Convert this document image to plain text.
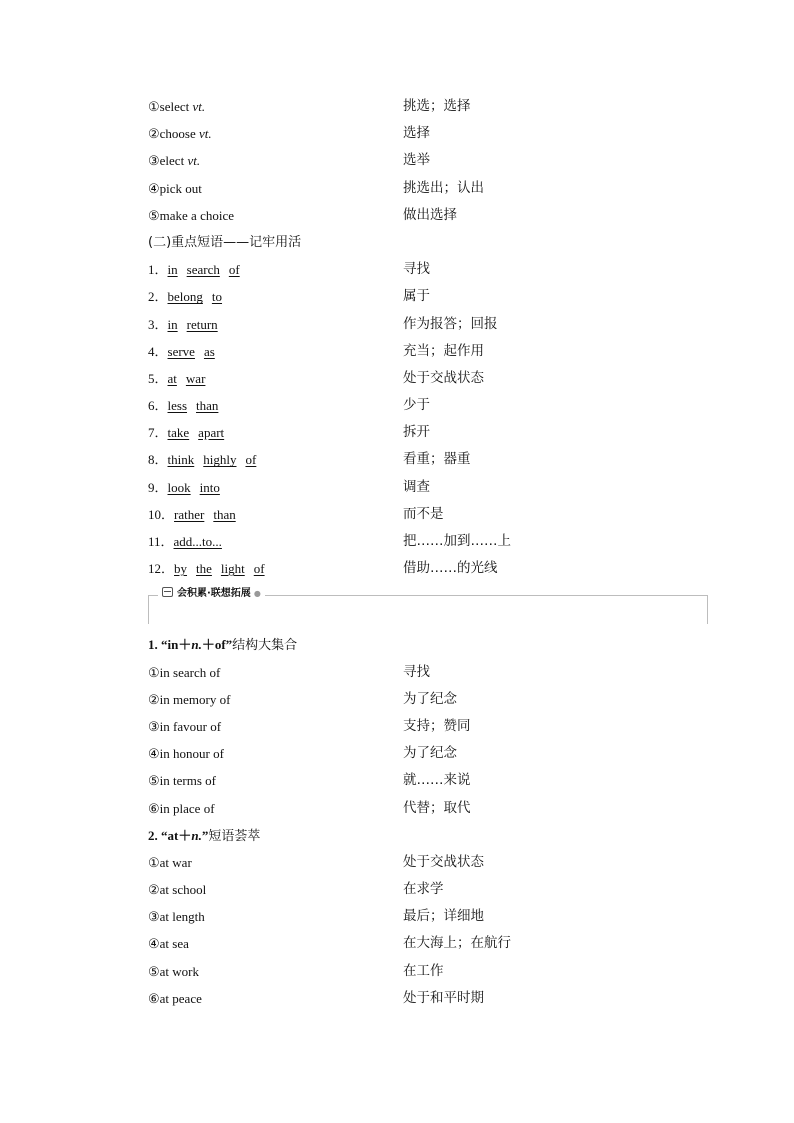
①select vt.	挑选；选择
②choose vt.	选择
③elect vt.	选举
④pick out	挑选出；认出
⑤make a choice	做出选择
(二)重点短语——记牢用活
1．in search of	寻找
2．belong to	属于
3．in return	作为报答；回报
4．serve as	充当；起作用
5．at war	处于交战状态
6．less than	少于
7．take apart	拆开
8．think highly of	看重；器重
9．look into	调查
10．rather than	而不是
11．add...to...	把……加到……上
12．by the light of	借助……的光线
会积累·联想拓展 ●
1. “in＋n.＋of”结构大集合
①in search of	寻找
②in memory of	为了纪念
③in favour of	支持；赞同
④in honour of	为了纪念
⑤in terms of	就……来说
⑥in place of	代替；取代
2. “at＋n.”短语荟萃
①at war	处于交战状态
②at school	在求学
③at length	最后；详细地
④at sea	在大海上；在航行
⑤at work	在工作
⑥at peace	处于和平时期
